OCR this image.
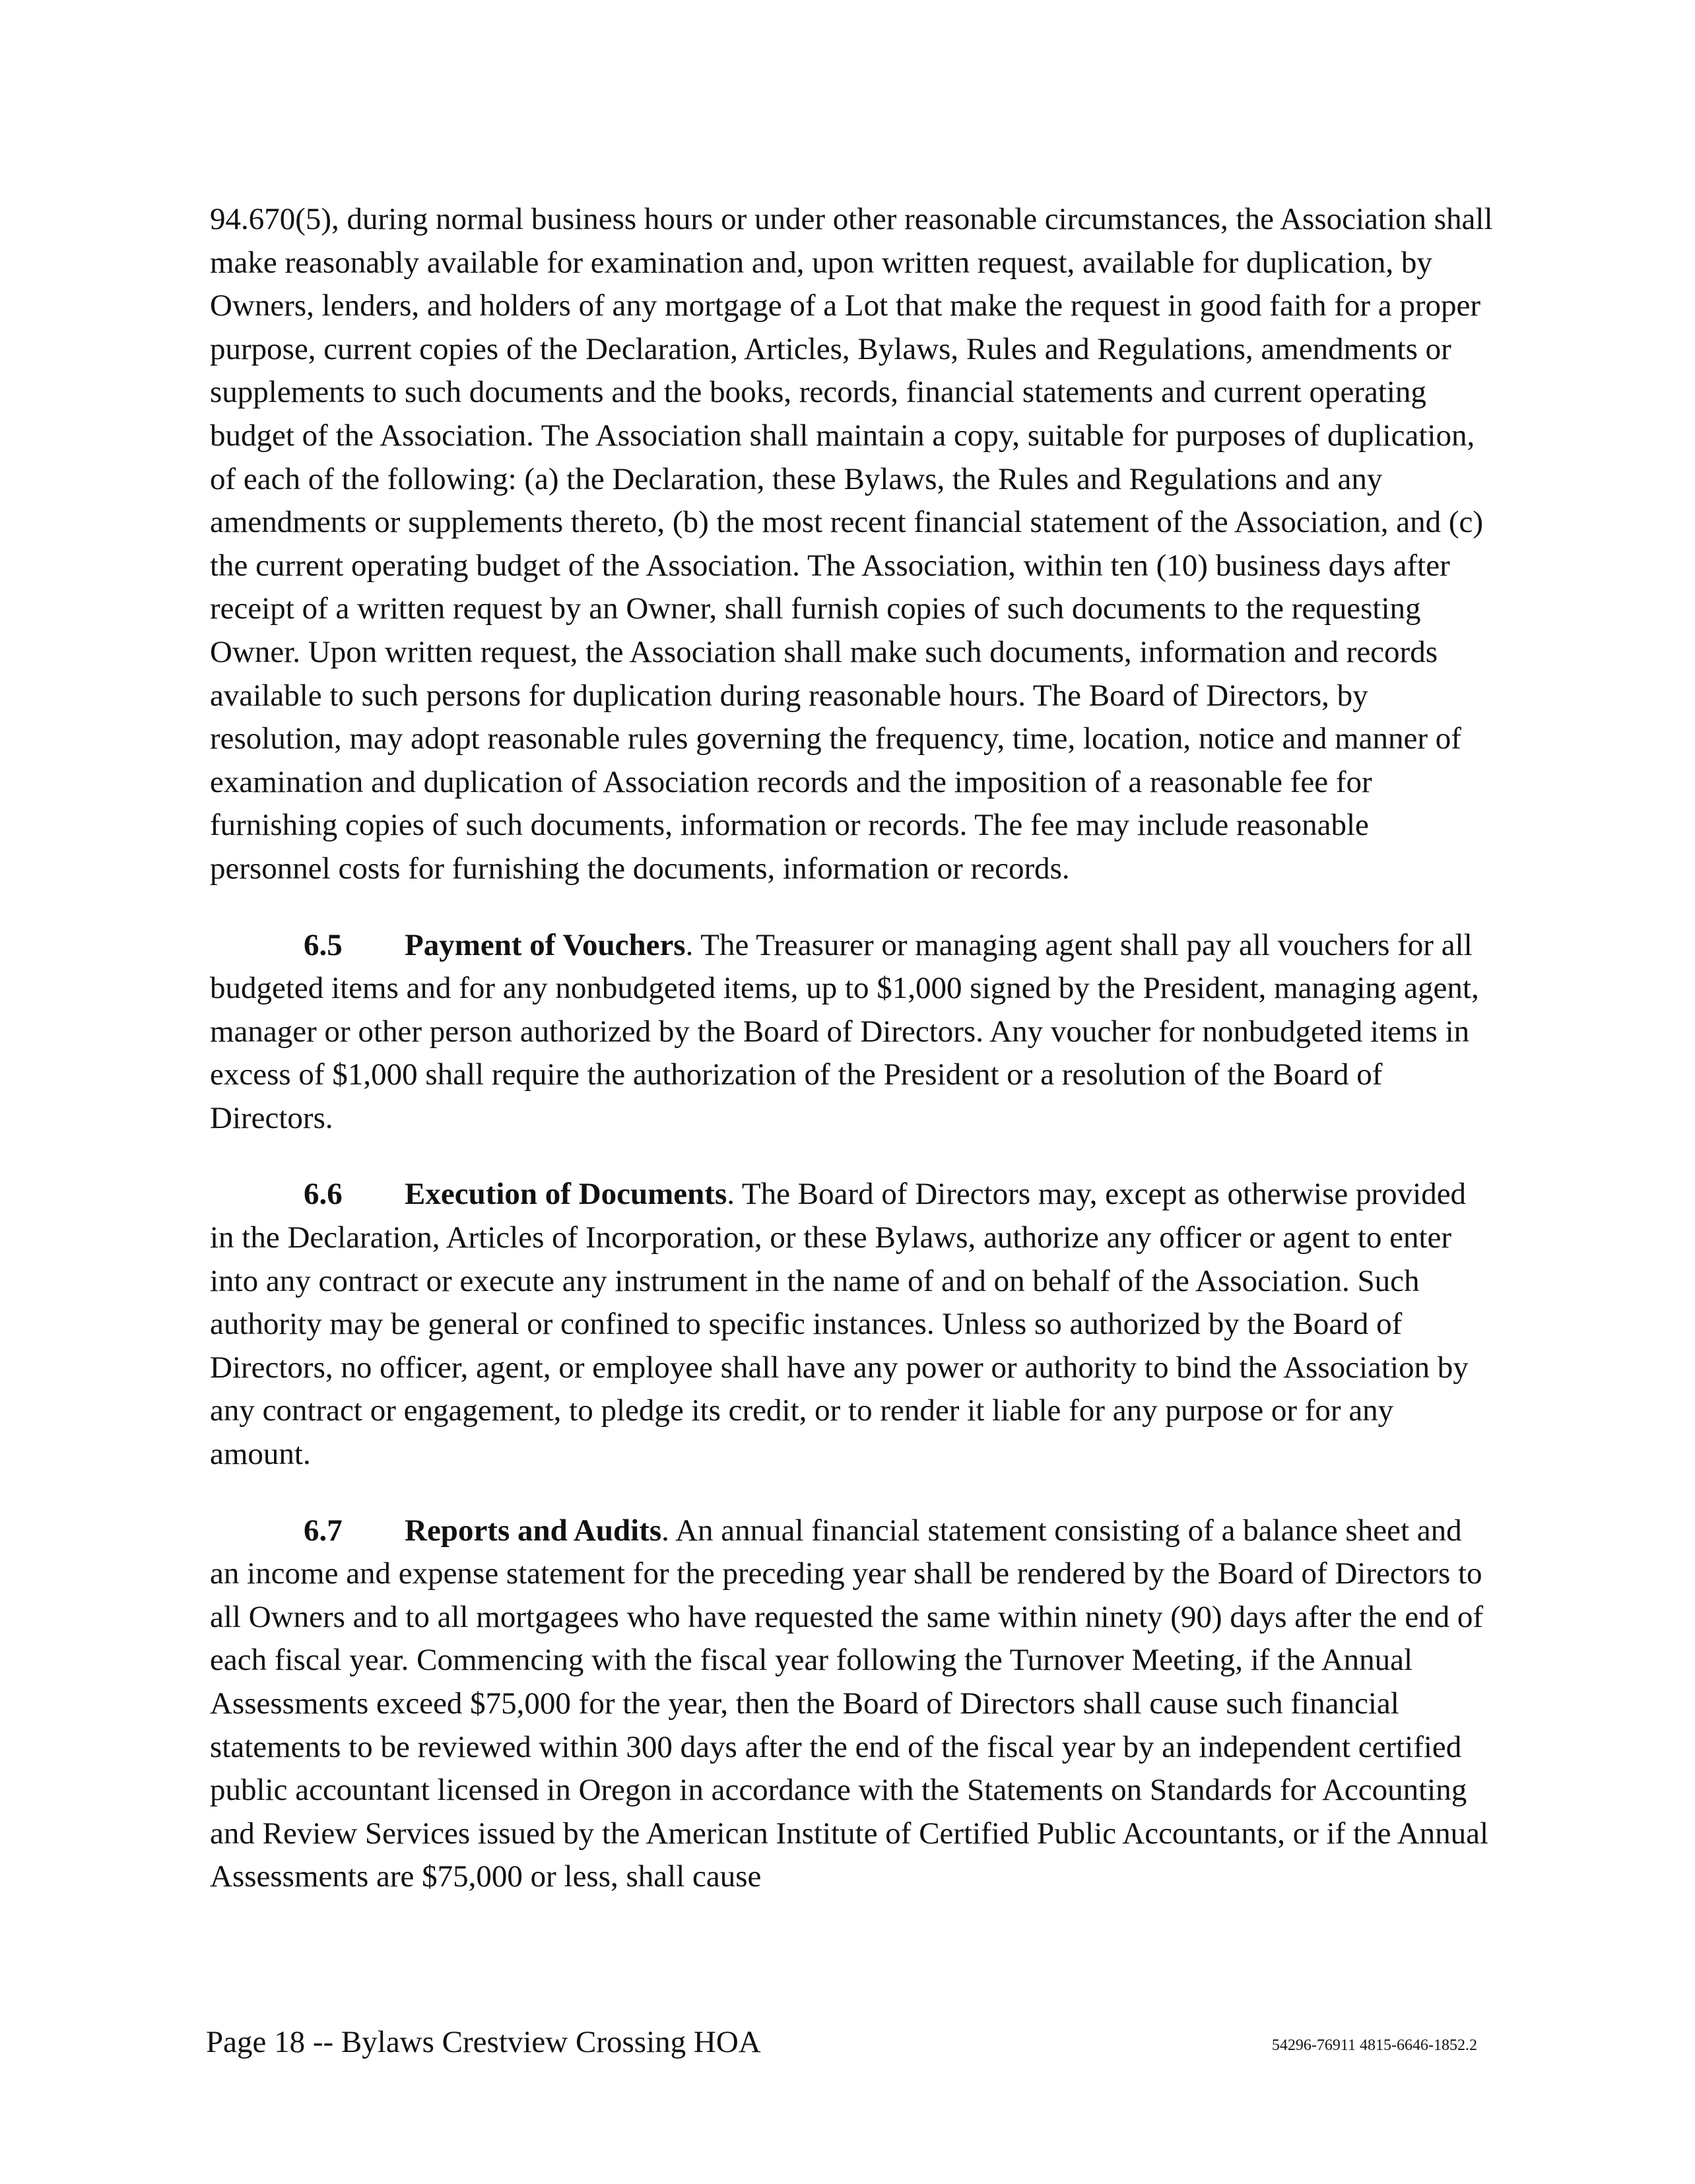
94.670(5), during normal business hours or under other reasonable circumstances, the Association shall make reasonably available for examination and, upon written request, available for duplication, by Owners, lenders, and holders of any mortgage of a Lot that make the request in good faith for a proper purpose, current copies of the Declaration, Articles, Bylaws, Rules and Regulations, amendments or supplements to such documents and the books, records, financial statements and current operating budget of the Association. The Association shall maintain a copy, suitable for purposes of duplication, of each of the following: (a) the Declaration, these Bylaws, the Rules and Regulations and any amendments or supplements thereto, (b) the most recent financial statement of the Association, and (c) the current operating budget of the Association. The Association, within ten (10) business days after receipt of a written request by an Owner, shall furnish copies of such documents to the requesting Owner. Upon written request, the Association shall make such documents, information and records available to such persons for duplication during reasonable hours. The Board of Directors, by resolution, may adopt reasonable rules governing the frequency, time, location, notice and manner of examination and duplication of Association records and the imposition of a reasonable fee for furnishing copies of such documents, information or records. The fee may include reasonable personnel costs for furnishing the documents, information or records.

6.5 Payment of Vouchers. The Treasurer or managing agent shall pay all vouchers for all budgeted items and for any nonbudgeted items, up to $1,000 signed by the President, managing agent, manager or other person authorized by the Board of Directors. Any voucher for nonbudgeted items in excess of $1,000 shall require the authorization of the President or a resolution of the Board of Directors.

6.6 Execution of Documents. The Board of Directors may, except as otherwise provided in the Declaration, Articles of Incorporation, or these Bylaws, authorize any officer or agent to enter into any contract or execute any instrument in the name of and on behalf of the Association. Such authority may be general or confined to specific instances. Unless so authorized by the Board of Directors, no officer, agent, or employee shall have any power or authority to bind the Association by any contract or engagement, to pledge its credit, or to render it liable for any purpose or for any amount.

6.7 Reports and Audits. An annual financial statement consisting of a balance sheet and an income and expense statement for the preceding year shall be rendered by the Board of Directors to all Owners and to all mortgagees who have requested the same within ninety (90) days after the end of each fiscal year. Commencing with the fiscal year following the Turnover Meeting, if the Annual Assessments exceed $75,000 for the year, then the Board of Directors shall cause such financial statements to be reviewed within 300 days after the end of the fiscal year by an independent certified public accountant licensed in Oregon in accordance with the Statements on Standards for Accounting and Review Services issued by the American Institute of Certified Public Accountants, or if the Annual Assessments are $75,000 or less, shall cause

Page 18 -- Bylaws Crestview Crossing HOA	54296-76911 4815-6646-1852.2
